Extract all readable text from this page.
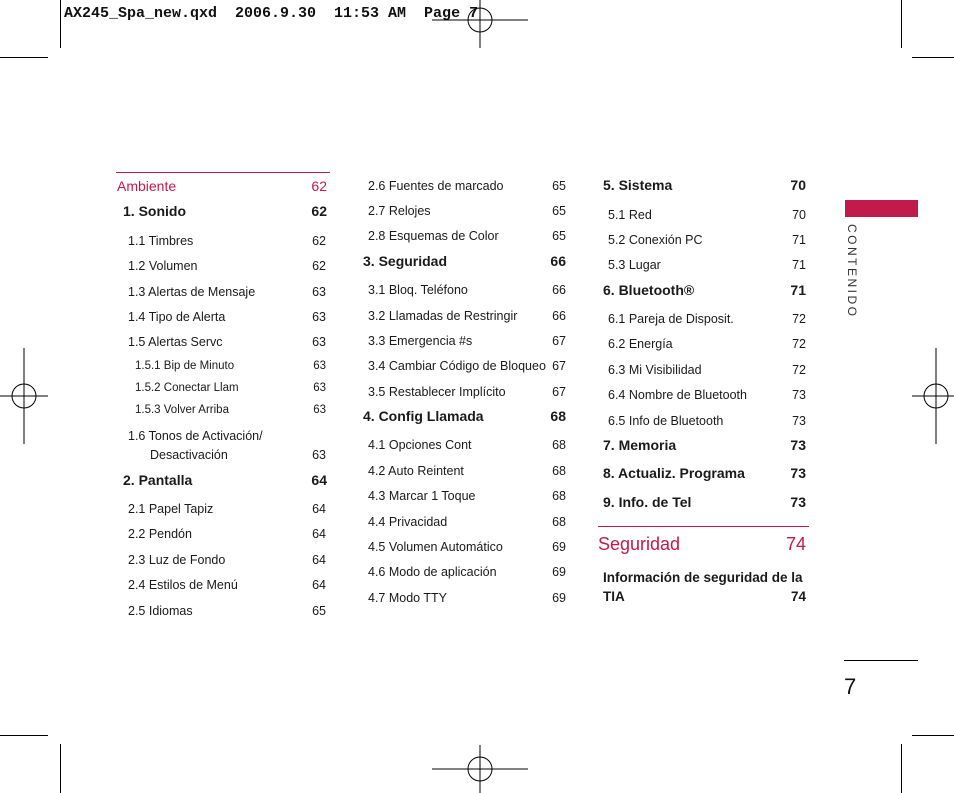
AX245_Spa_new.qxd  2006.9.30  11:53 AM  Page 7
Ambiente	62
1. Sonido	62
1.1 Timbres	62
1.2 Volumen	62
1.3 Alertas de Mensaje	63
1.4 Tipo de Alerta	63
1.5 Alertas Servc	63
1.5.1 Bip de Minuto	63
1.5.2 Conectar Llam	63
1.5.3 Volver Arriba	63
1.6 Tonos de Activación/
Desactivación	63
2. Pantalla	64
2.1 Papel Tapiz	64
2.2 Pendón	64
2.3 Luz de Fondo	64
2.4 Estilos de Menú	64
2.5 Idiomas	65
2.6 Fuentes de marcado	65
2.7 Relojes	65
2.8 Esquemas de Color	65
3. Seguridad	66
3.1 Bloq. Teléfono	66
3.2 Llamadas de Restringir	66
3.3 Emergencia #s	67
3.4 Cambiar Código de Bloqueo 67
3.5 Restablecer Implícito	67
4. Config Llamada	68
4.1 Opciones Cont	68
4.2 Auto Reintent	68
4.3 Marcar 1 Toque	68
4.4 Privacidad	68
4.5 Volumen Automático	69
4.6 Modo de aplicación	69
4.7 Modo TTY	69
5. Sistema	70
5.1 Red	70
5.2 Conexión PC	71
5.3 Lugar	71
6. Bluetooth®	71
6.1 Pareja de Disposit.	72
6.2 Energía	72
6.3 Mi Visibilidad	72
6.4 Nombre de Bluetooth	73
6.5 Info de Bluetooth	73
7. Memoria	73
8. Actualiz. Programa	73
9. Info. de Tel	73
Seguridad	74
Información de seguridad de la
TIA	74
CONTENIDO
7
